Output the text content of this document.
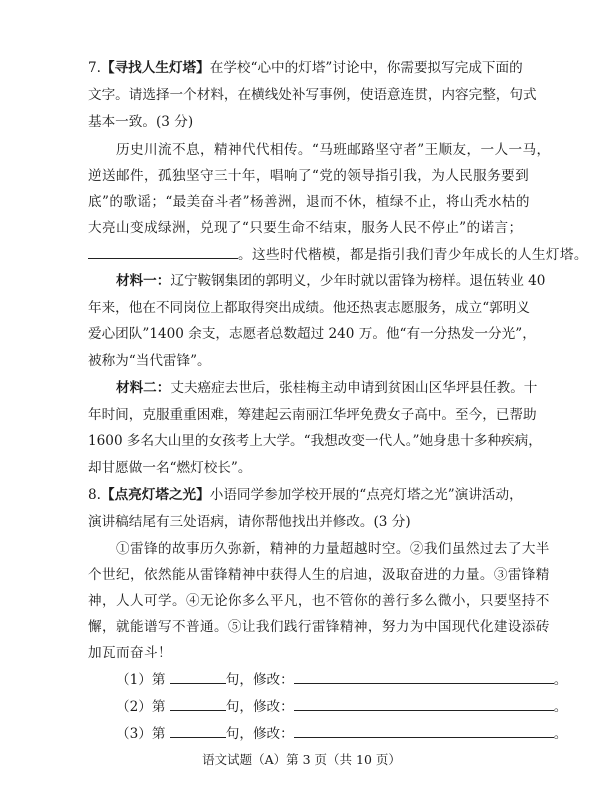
7.【寻找人生灯塔】在学校“心中的灯塔”讨论中，你需要拟写完成下面的
文字。请选择一个材料，在横线处补写事例，使语意连贯，内容完整，句式
基本一致。(3 分)
历史川流不息，精神代代相传。“马班邮路坚守者”王顺友，一人一马，
逆送邮件，孤独坚守三十年，唱响了“党的领导指引我，为人民服务要到
底”的歌谣；“最美奋斗者”杨善洲，退而不休，植绿不止，将山秃水枯的
大亮山变成绿洲，兑现了“只要生命不结束，服务人民不停止”的诺言；
。这些时代楷模，都是指引我们青少年成长的人生灯塔。
材料一：辽宁鞍钢集团的郭明义，少年时就以雷锋为榜样。退伍转业 40
年来，他在不同岗位上都取得突出成绩。他还热衷志愿服务，成立“郭明义
爱心团队”1400 余支，志愿者总数超过 240 万。他“有一分热发一分光”，
被称为“当代雷锋”。
材料二：丈夫癌症去世后，张桂梅主动申请到贫困山区华坪县任教。十
年时间，克服重重困难，筹建起云南丽江华坪免费女子高中。至今，已帮助
1600 多名大山里的女孩考上大学。“我想改变一代人。”她身患十多种疾病，
却甘愿做一名“燃灯校长”。
8.【点亮灯塔之光】小语同学参加学校开展的“点亮灯塔之光”演讲活动，
演讲稿结尾有三处语病，请你帮他找出并修改。(3 分)
①雷锋的故事历久弥新，精神的力量超越时空。②我们虽然过去了大半
个世纪，依然能从雷锋精神中获得人生的启迪，汲取奋进的力量。③雷锋精
神，人人可学。④无论你多么平凡，也不管你的善行多么微小，只要坚持不
懈，就能谱写不普通。⑤让我们践行雷锋精神，努力为中国现代化建设添砖
加瓦而奋斗！
（1）第	句，修改：	。
（2）第	句，修改：	。
（3）第	句，修改：	。
语文试题（A）第 3 页（共 10 页）
